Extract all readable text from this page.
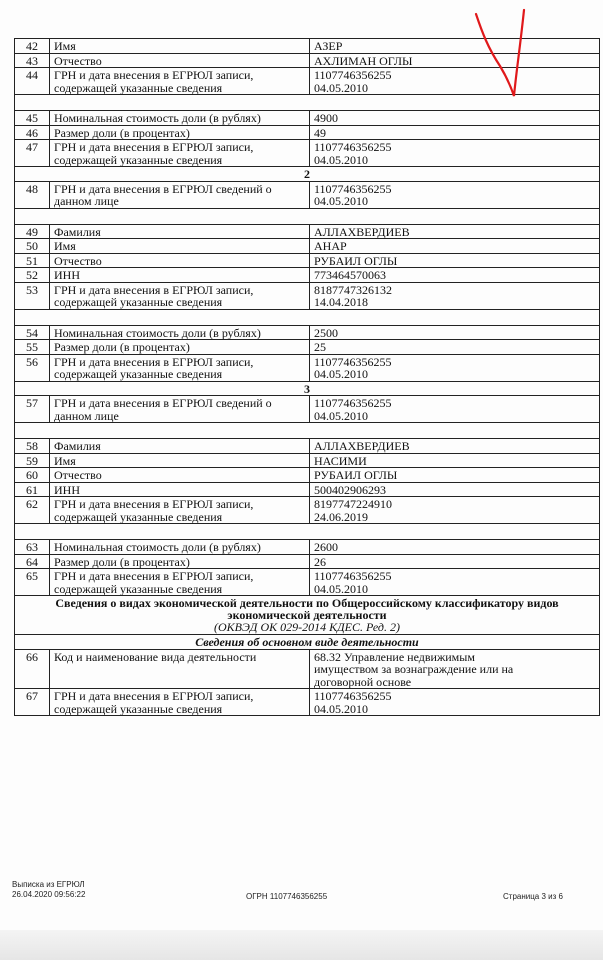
42	Имя	АЗЕР
43	Отчество	АХЛИМАН ОГЛЫ
44	ГРН и дата внесения в ЕГРЮЛ записи,
содержащей указанные сведения	1107746356255
04.05.2010

45	Номинальная стоимость доли (в рублях)	4900
46	Размер доли (в процентах)	49
47	ГРН и дата внесения в ЕГРЮЛ записи,
содержащей указанные сведения	1107746356255
04.05.2010
2		
48	ГРН и дата внесения в ЕГРЮЛ сведений о
данном лице	1107746356255
04.05.2010

49	Фамилия	АЛЛАХВЕРДИЕВ
50	Имя	АНАР
51	Отчество	РУБАИЛ ОГЛЫ
52	ИНН	773464570063
53	ГРН и дата внесения в ЕГРЮЛ записи,
содержащей указанные сведения	8187747326132
14.04.2018

54	Номинальная стоимость доли (в рублях)	2500
55	Размер доли (в процентах)	25
56	ГРН и дата внесения в ЕГРЮЛ записи,
содержащей указанные сведения	1107746356255
04.05.2010
3		
57	ГРН и дата внесения в ЕГРЮЛ сведений о
данном лице	1107746356255
04.05.2010

58	Фамилия	АЛЛАХВЕРДИЕВ
59	Имя	НАСИМИ
60	Отчество	РУБАИЛ ОГЛЫ
61	ИНН	500402906293
62	ГРН и дата внесения в ЕГРЮЛ записи,
содержащей указанные сведения	8197747224910
24.06.2019

63	Номинальная стоимость доли (в рублях)	2600
64	Размер доли (в процентах)	26
65	ГРН и дата внесения в ЕГРЮЛ записи,
содержащей указанные сведения	1107746356255
04.05.2010
Сведения о видах экономической деятельности по Общероссийскому классификатору видов экономической деятельности
(ОКВЭД ОК 029-2014 КДЕС. Ред. 2)		

Сведения об основном виде деятельности		
66	Код и наименование вида деятельности	68.32 Управление недвижимым
имуществом за вознаграждение или на
договорной основе
67	ГРН и дата внесения в ЕГРЮЛ записи,
содержащей указанные сведения	1107746356255
04.05.2010
Выписка из ЕГРЮЛ
26.04.2020 09:56:22	ОГРН 1107746356255	Страница 3 из 6
